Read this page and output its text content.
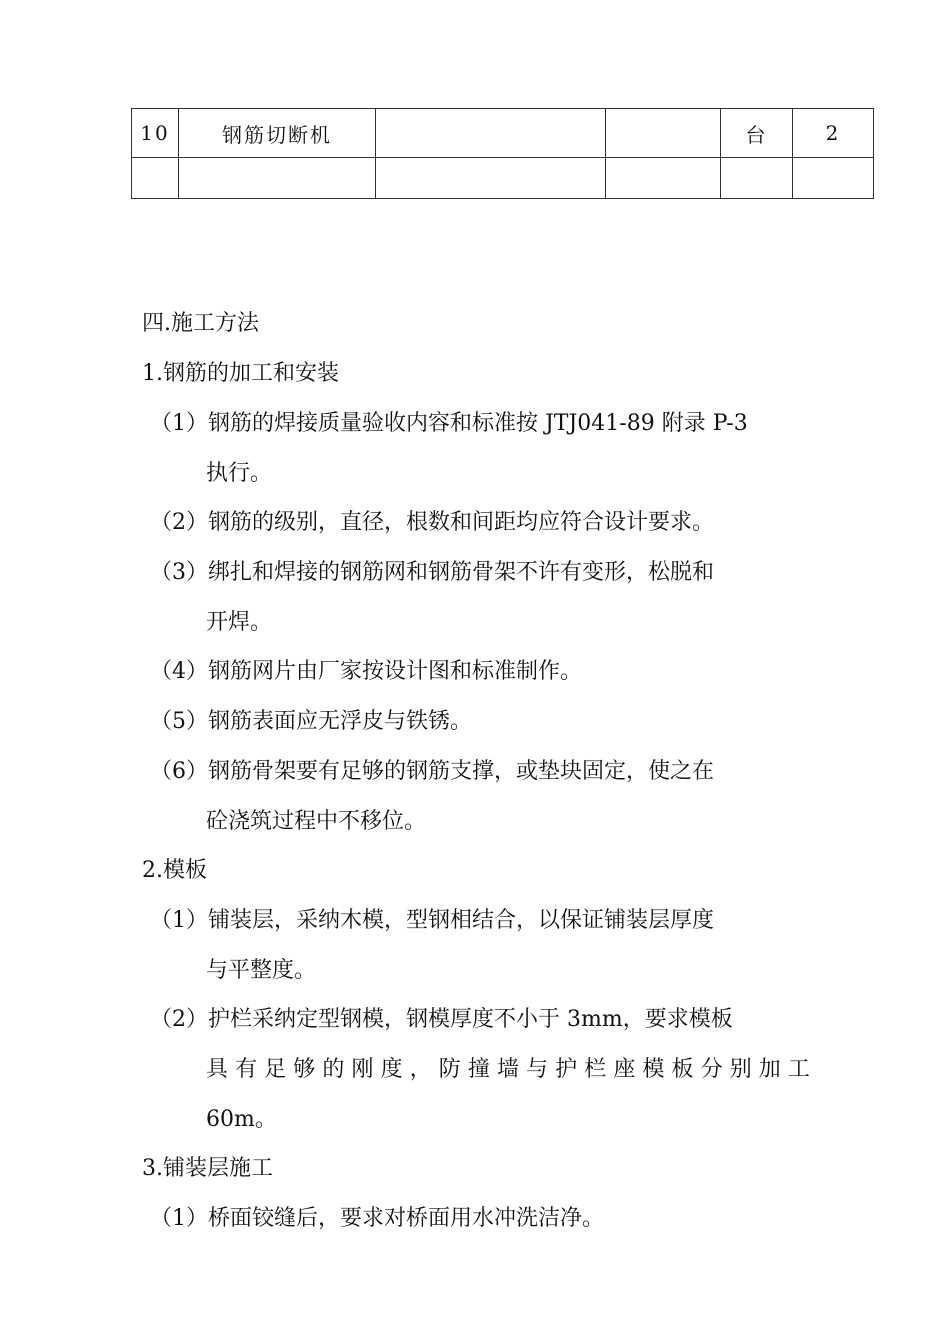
10	钢筋切断机			台	2

四.施工方法
1.钢筋的加工和安装
（1）钢筋的焊接质量验收内容和标准按 JTJ041-89 附录 P-3
执行。
（2）钢筋的级别，直径，根数和间距均应符合设计要求。
（3）绑扎和焊接的钢筋网和钢筋骨架不许有变形，松脱和
开焊。
（4）钢筋网片由厂家按设计图和标准制作。
（5）钢筋表面应无浮皮与铁锈。
（6）钢筋骨架要有足够的钢筋支撑，或垫块固定，使之在
砼浇筑过程中不移位。
2.模板
（1）铺装层，采纳木模，型钢相结合，以保证铺装层厚度
与平整度。
（2）护栏采纳定型钢模，钢模厚度不小于 3mm，要求模板
具 有 足 够 的 刚 度 ， 防 撞 墙 与 护 栏 座 模 板 分 别 加 工
60m。
3.铺装层施工
（1）桥面铰缝后，要求对桥面用水冲洗洁净。
